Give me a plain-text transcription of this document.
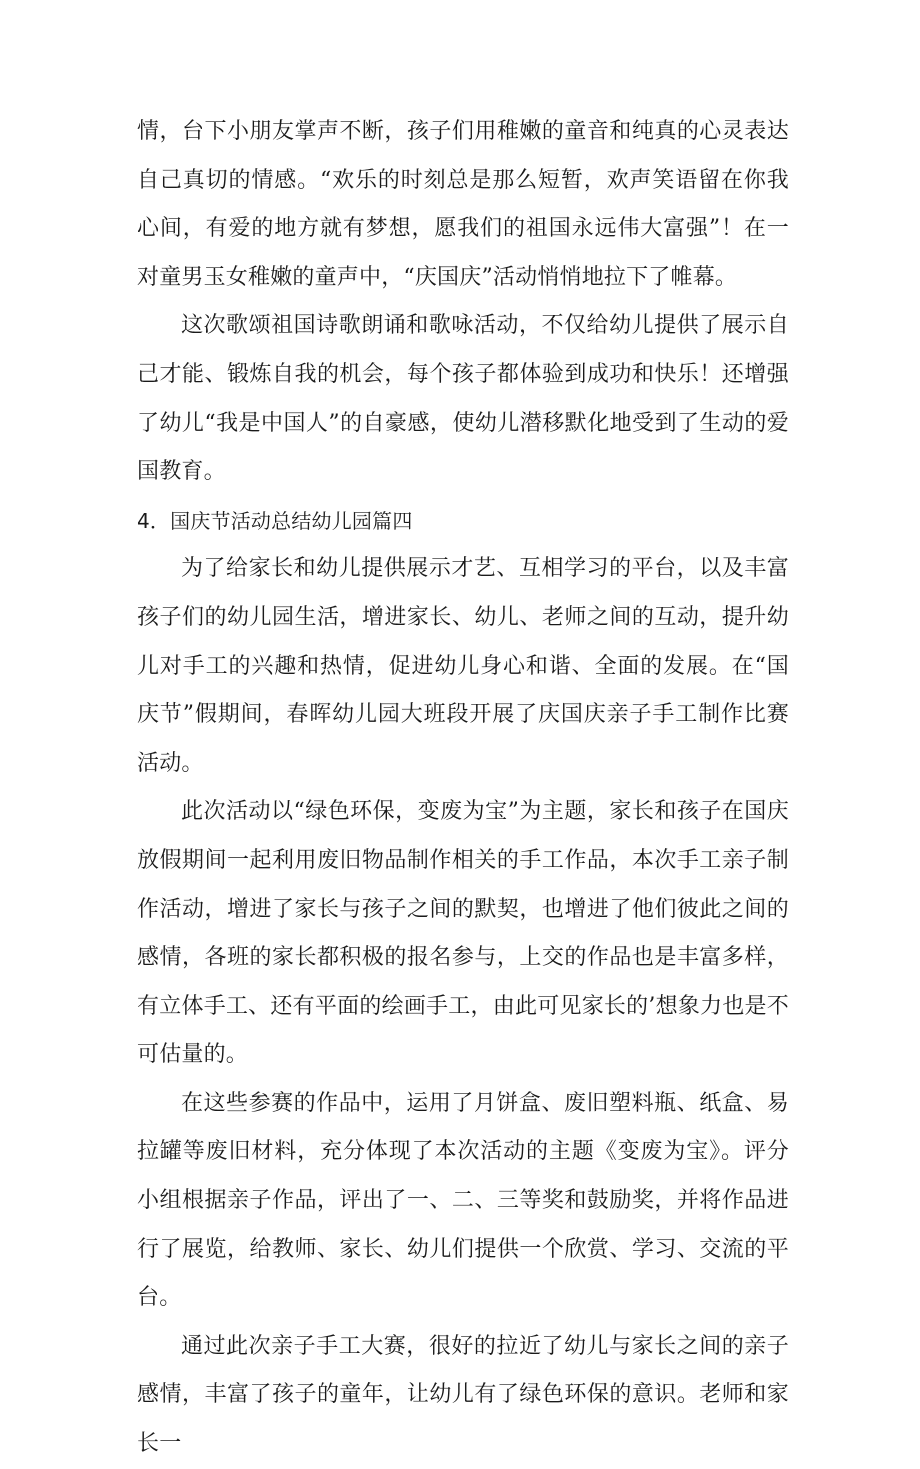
情，台下小朋友掌声不断，孩子们用稚嫩的童音和纯真的心灵表达自己真切的情感。“欢乐的时刻总是那么短暂，欢声笑语留在你我心间，有爱的地方就有梦想，愿我们的祖国永远伟大富强”！在一对童男玉女稚嫩的童声中，“庆国庆”活动悄悄地拉下了帷幕。

这次歌颂祖国诗歌朗诵和歌咏活动，不仅给幼儿提供了展示自己才能、锻炼自我的机会，每个孩子都体验到成功和快乐！还增强了幼儿“我是中国人”的自豪感，使幼儿潜移默化地受到了生动的爱国教育。

4．国庆节活动总结幼儿园篇四

为了给家长和幼儿提供展示才艺、互相学习的平台，以及丰富孩子们的幼儿园生活，增进家长、幼儿、老师之间的互动，提升幼儿对手工的兴趣和热情，促进幼儿身心和谐、全面的发展。在“国庆节”假期间，春晖幼儿园大班段开展了庆国庆亲子手工制作比赛活动。

此次活动以“绿色环保，变废为宝”为主题，家长和孩子在国庆放假期间一起利用废旧物品制作相关的手工作品，本次手工亲子制作活动，增进了家长与孩子之间的默契，也增进了他们彼此之间的感情，各班的家长都积极的报名参与，上交的作品也是丰富多样，有立体手工、还有平面的绘画手工，由此可见家长的’想象力也是不可估量的。

在这些参赛的作品中，运用了月饼盒、废旧塑料瓶、纸盒、易拉罐等废旧材料，充分体现了本次活动的主题《变废为宝》。评分小组根据亲子作品，评出了一、二、三等奖和鼓励奖，并将作品进行了展览，给教师、家长、幼儿们提供一个欣赏、学习、交流的平台。

通过此次亲子手工大赛，很好的拉近了幼儿与家长之间的亲子感情，丰富了孩子的童年，让幼儿有了绿色环保的意识。老师和家长一
